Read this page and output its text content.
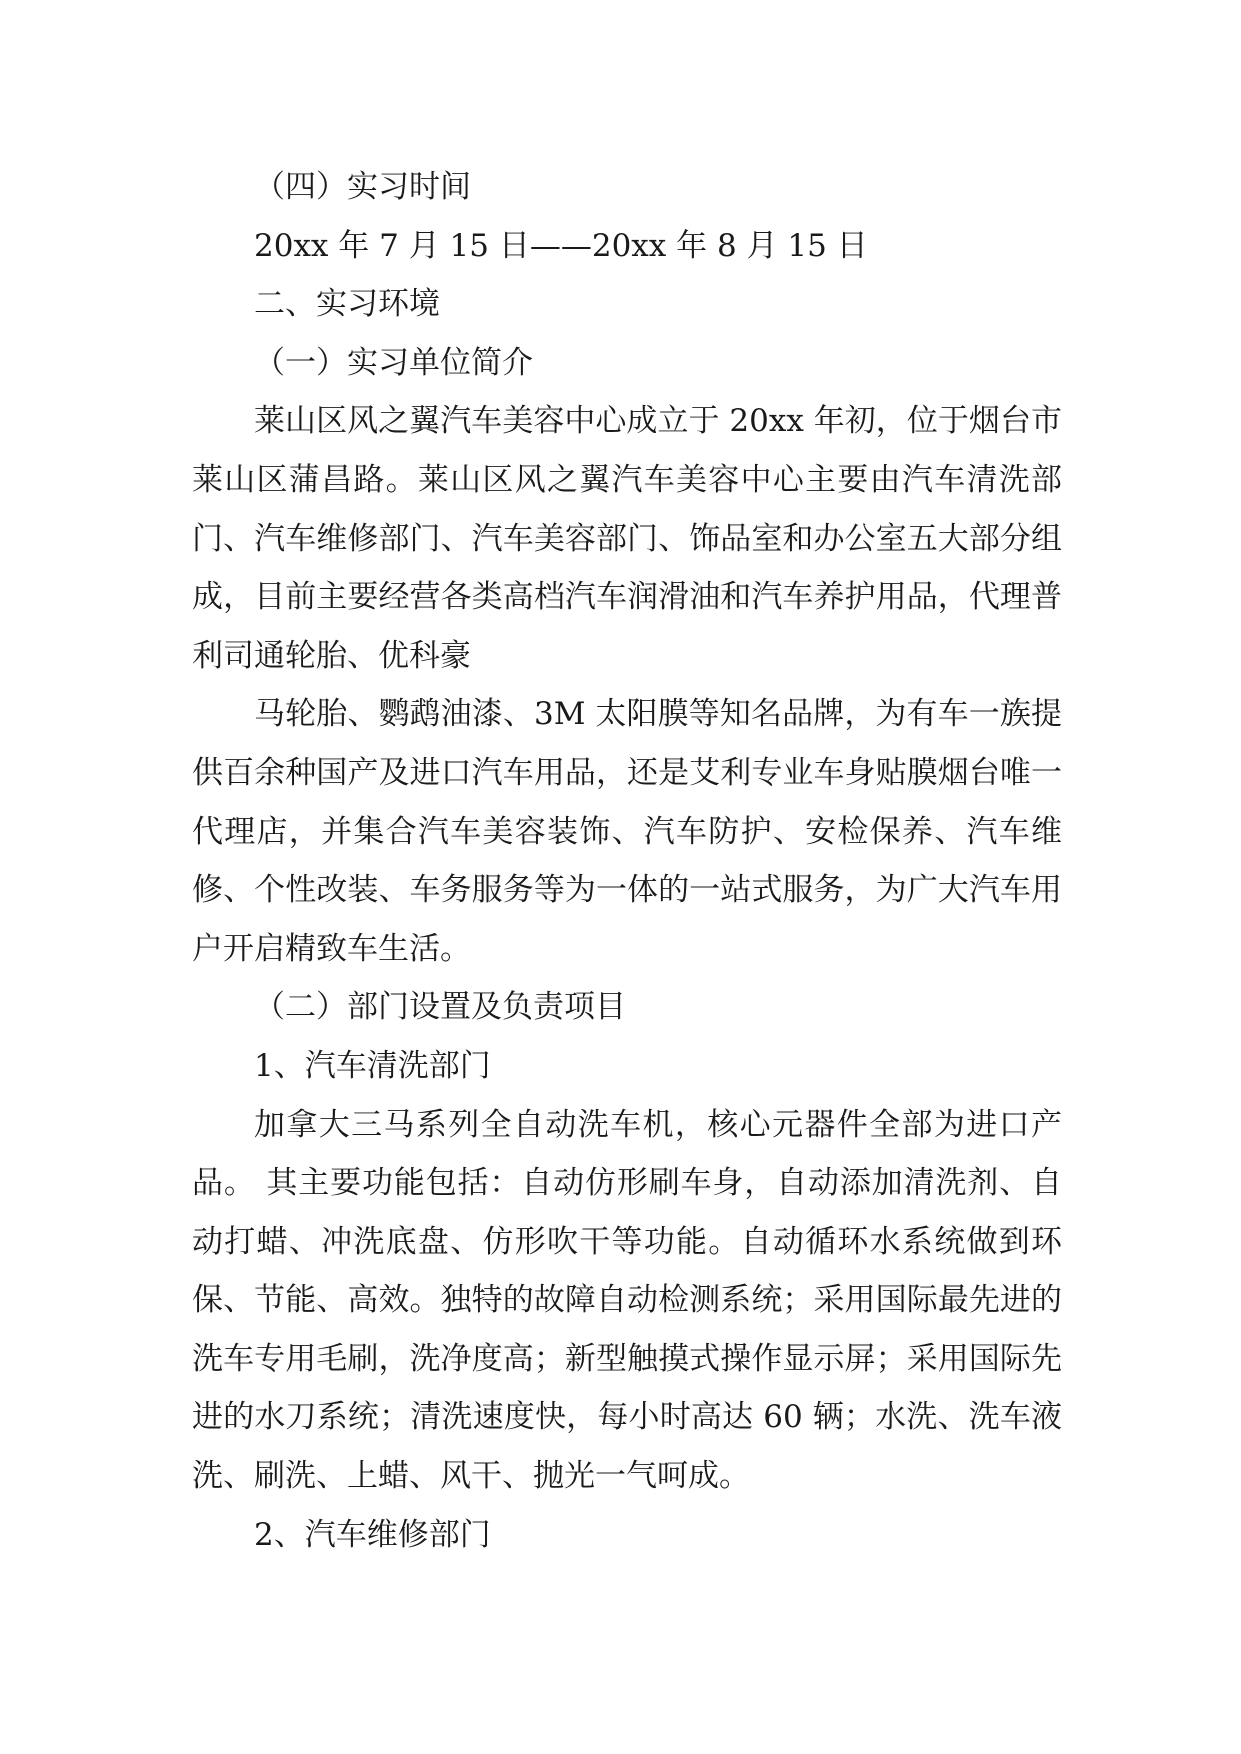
（四）实习时间

20xx 年 7 月 15 日——20xx 年 8 月 15 日

二、实习环境

（一）实习单位简介

莱山区风之翼汽车美容中心成立于 20xx 年初，位于烟台市莱山区蒲昌路。莱山区风之翼汽车美容中心主要由汽车清洗部门、汽车维修部门、汽车美容部门、饰品室和办公室五大部分组成，目前主要经营各类高档汽车润滑油和汽车养护用品，代理普利司通轮胎、优科豪

马轮胎、鹦鹉油漆、3M 太阳膜等知名品牌，为有车一族提供百余种国产及进口汽车用品，还是艾利专业车身贴膜烟台唯一代理店，并集合汽车美容装饰、汽车防护、安检保养、汽车维修、个性改装、车务服务等为一体的一站式服务，为广大汽车用户开启精致车生活。

（二）部门设置及负责项目

1、汽车清洗部门

加拿大三马系列全自动洗车机，核心元器件全部为进口产品。 其主要功能包括：自动仿形刷车身，自动添加清洗剂、自动打蜡、冲洗底盘、仿形吹干等功能。自动循环水系统做到环保、节能、高效。独特的故障自动检测系统；采用国际最先进的洗车专用毛刷，洗净度高；新型触摸式操作显示屏；采用国际先进的水刀系统；清洗速度快，每小时高达 60 辆；水洗、洗车液洗、刷洗、上蜡、风干、抛光一气呵成。

2、汽车维修部门
